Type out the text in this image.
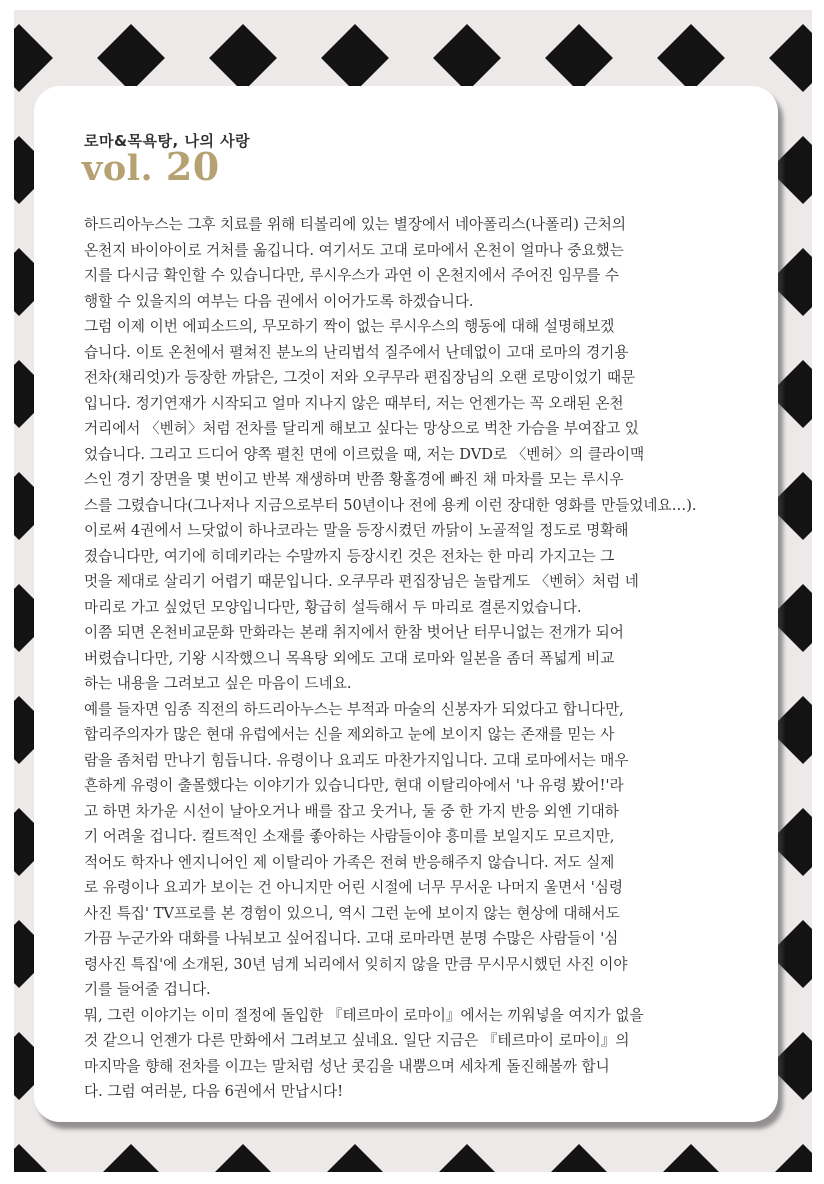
로마&목욕탕, 나의 사랑
vol. 20
하드리아누스는 그후 치료를 위해 티볼리에 있는 별장에서 네아폴리스(나폴리) 근처의
온천지 바이아이로 거처를 옮깁니다. 여기서도 고대 로마에서 온천이 얼마나 중요했는
지를 다시금 확인할 수 있습니다만, 루시우스가 과연 이 온천지에서 주어진 임무를 수
행할 수 있을지의 여부는 다음 권에서 이어가도록 하겠습니다.
그럼 이제 이번 에피소드의, 무모하기 짝이 없는 루시우스의 행동에 대해 설명해보겠
습니다. 이토 온천에서 펼쳐진 분노의 난리법석 질주에서 난데없이 고대 로마의 경기용
전차(채리엇)가 등장한 까닭은, 그것이 저와 오쿠무라 편집장님의 오랜 로망이었기 때문
입니다. 정기연재가 시작되고 얼마 지나지 않은 때부터, 저는 언젠가는 꼭 오래된 온천
거리에서 〈벤허〉처럼 전차를 달리게 해보고 싶다는 망상으로 벅찬 가슴을 부여잡고 있
었습니다. 그리고 드디어 양쪽 펼친 면에 이르렀을 때, 저는 DVD로 〈벤허〉의 클라이맥
스인 경기 장면을 몇 번이고 반복 재생하며 반쯤 황홀경에 빠진 채 마차를 모는 루시우
스를 그렸습니다(그나저나 지금으로부터 50년이나 전에 용케 이런 장대한 영화를 만들었네요…).
이로써 4권에서 느닷없이 하나코라는 말을 등장시켰던 까닭이 노골적일 정도로 명확해
졌습니다만, 여기에 히데키라는 수말까지 등장시킨 것은 전차는 한 마리 가지고는 그
멋을 제대로 살리기 어렵기 때문입니다. 오쿠무라 편집장님은 놀랍게도 〈벤허〉처럼 네
마리로 가고 싶었던 모양입니다만, 황급히 설득해서 두 마리로 결론지었습니다.
이쯤 되면 온천비교문화 만화라는 본래 취지에서 한참 벗어난 터무니없는 전개가 되어
버렸습니다만, 기왕 시작했으니 목욕탕 외에도 고대 로마와 일본을 좀더 폭넓게 비교
하는 내용을 그려보고 싶은 마음이 드네요.
예를 들자면 임종 직전의 하드리아누스는 부적과 마술의 신봉자가 되었다고 합니다만,
합리주의자가 많은 현대 유럽에서는 신을 제외하고 눈에 보이지 않는 존재를 믿는 사
람을 좀처럼 만나기 힘듭니다. 유령이나 요괴도 마찬가지입니다. 고대 로마에서는 매우
흔하게 유령이 출몰했다는 이야기가 있습니다만, 현대 이탈리아에서 '나 유령 봤어!'라
고 하면 차가운 시선이 날아오거나 배를 잡고 웃거나, 둘 중 한 가지 반응 외엔 기대하
기 어려울 겁니다. 컬트적인 소재를 좋아하는 사람들이야 흥미를 보일지도 모르지만,
적어도 학자나 엔지니어인 제 이탈리아 가족은 전혀 반응해주지 않습니다. 저도 실제
로 유령이나 요괴가 보이는 건 아니지만 어린 시절에 너무 무서운 나머지 울면서 '심령
사진 특집' TV프로를 본 경험이 있으니, 역시 그런 눈에 보이지 않는 현상에 대해서도
가끔 누군가와 대화를 나눠보고 싶어집니다. 고대 로마라면 분명 수많은 사람들이 '심
령사진 특집'에 소개된, 30년 넘게 뇌리에서 잊히지 않을 만큼 무시무시했던 사진 이야
기를 들어줄 겁니다.
뭐, 그런 이야기는 이미 절정에 돌입한 『테르마이 로마이』에서는 끼워넣을 여지가 없을
것 같으니 언젠가 다른 만화에서 그려보고 싶네요. 일단 지금은 『테르마이 로마이』의
마지막을 향해 전차를 이끄는 말처럼 성난 콧김을 내뿜으며 세차게 돌진해볼까 합니
다. 그럼 여러분, 다음 6권에서 만납시다!
